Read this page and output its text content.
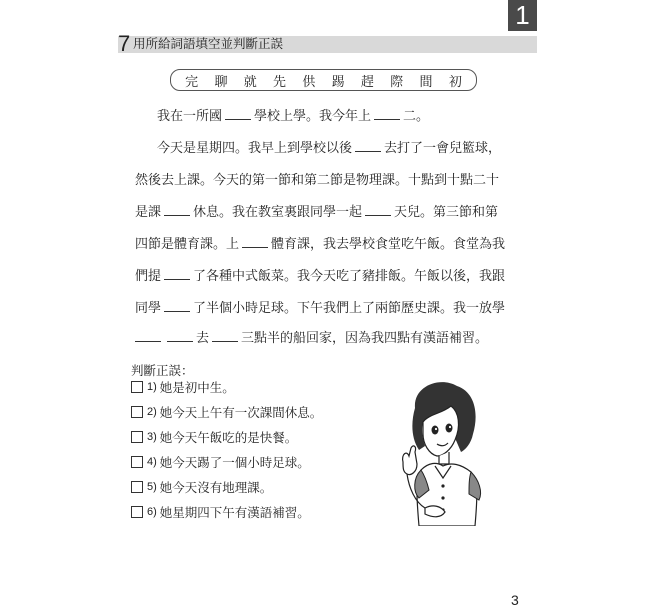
1
7 用所給詞語填空並判斷正誤
完 聊 就 先 供 踢 趕 際 間 初
我在一所國 學校上學。我今年上 二。
今天是星期四。我早上到學校以後 去打了一會兒籃球，
然後去上課。今天的第一節和第二節是物理課。十點到十點二十
是課 休息。我在教室裏跟同學一起 天兒。第三節和第
四節是體育課。上 體育課，我去學校食堂吃午飯。食堂為我
們提 了各種中式飯菜。我今天吃了豬排飯。午飯以後，我跟
同學 了半個小時足球。下午我們上了兩節歷史課。我一放學
去 三點半的船回家，因為我四點有漢語補習。
判斷正誤：
1) 她是初中生。
2) 她今天上午有一次課間休息。
3) 她今天午飯吃的是快餐。
4) 她今天踢了一個小時足球。
5) 她今天沒有地理課。
6) 她星期四下午有漢語補習。
3
